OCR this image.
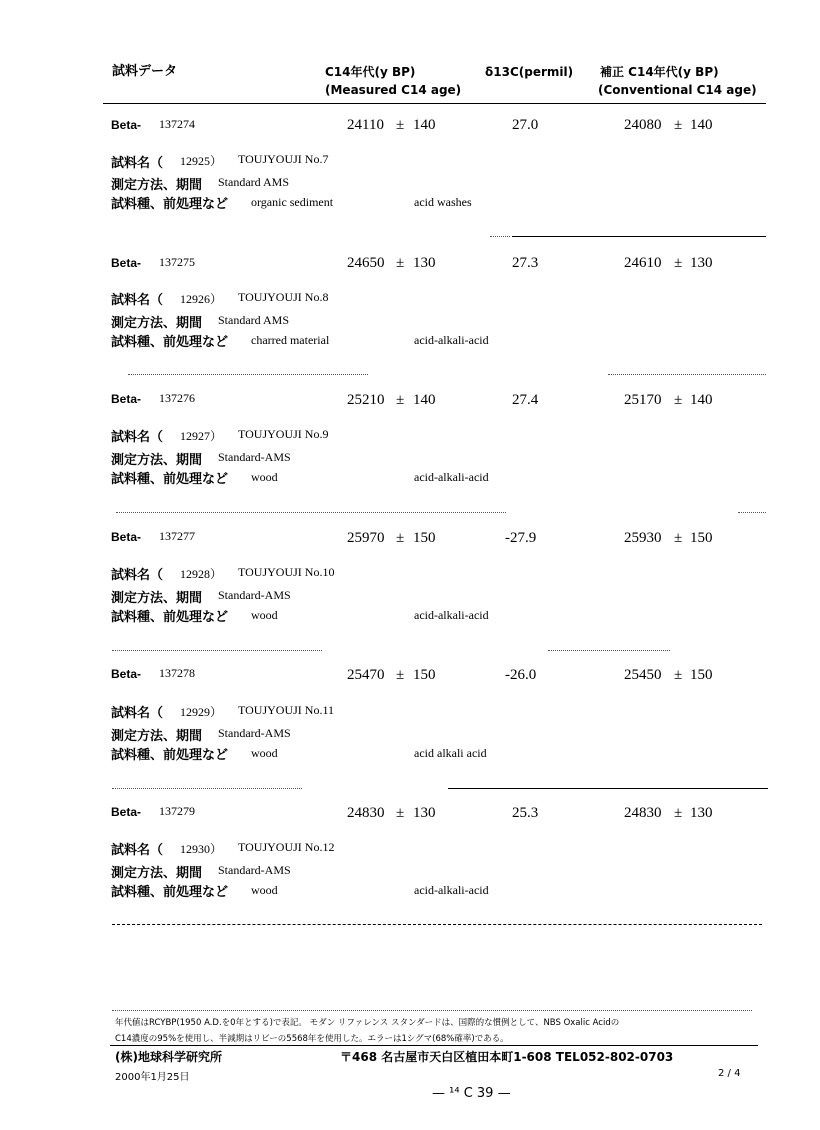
試料データ	C14年代(y BP)
(Measured C14 age)
δ13C(permil) 補正 C14年代(y BP)
(Conventional C14 age)
Beta- 137274	24110 ± 140	27.0	24080 ± 140
試料名（ 12925） TOUJYOUJI No.7
測定方法、期間 Standard AMS
試料種、前処理など organic sediment	acid washes
Beta- 137275	24650 ± 130	27.3	24610 ± 130
試料名（ 12926） TOUJYOUJI No.8
測定方法、期間 Standard AMS
試料種、前処理など charred material	acid-alkali-acid
Beta- 137276	25210 ± 140	27.4	25170 ± 140
試料名（ 12927） TOUJYOUJI No.9
測定方法、期間 Standard-AMS
試料種、前処理など wood	acid-alkali-acid
Beta- 137277	25970 ± 150	-27.9	25930 ± 150
試料名（ 12928） TOUJYOUJI No.10
測定方法、期間 Standard-AMS
試料種、前処理など wood	acid-alkali-acid
Beta- 137278	25470 ± 150	-26.0	25450 ± 150
試料名（ 12929） TOUJYOUJI No.11
測定方法、期間 Standard-AMS
試料種、前処理など wood	acid alkali acid
Beta- 137279	24830 ± 130	25.3	24830 ± 130
試料名（ 12930） TOUJYOUJI No.12
測定方法、期間 Standard-AMS
試料種、前処理など wood	acid-alkali-acid
年代値はRCYBP(1950 A.D.を0年とする)で表記。 モダン リファレンス スタンダードは、国際的な慣例として、NBS Oxalic Acidの
C14濃度の95%を使用し、半減期はリビーの5568年を使用した。エラーは1シグマ(68%確率)である。
(株)地球科学研究所	〒468 名古屋市天白区植田本町1-608 TEL052-802-0703
2000年1月25日	2 / 4
— ¹⁴ C 39 —
